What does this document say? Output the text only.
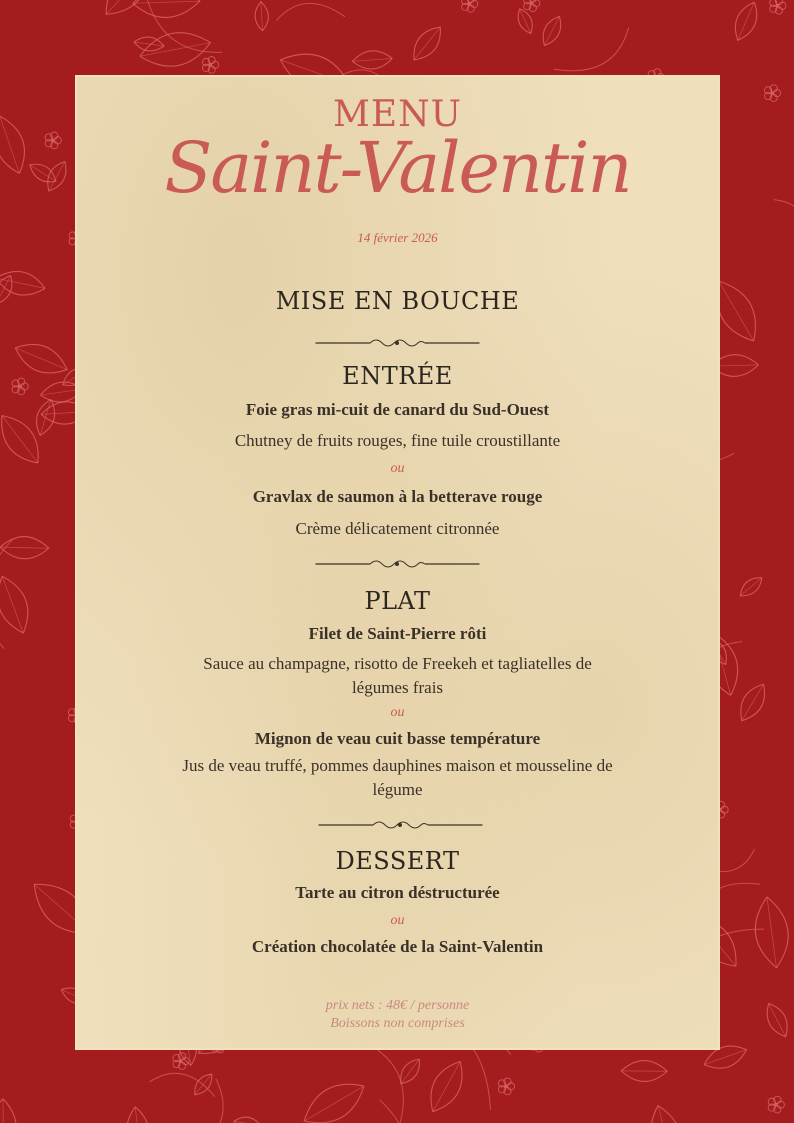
MENU
Saint-Valentin
14 février 2026
MISE EN BOUCHE
ENTRÉE
Foie gras mi-cuit de canard du Sud-Ouest
Chutney de fruits rouges, fine tuile croustillante
ou
Gravlax de saumon à la betterave rouge
Crème délicatement citronnée
PLAT
Filet de Saint-Pierre rôti
Sauce au champagne, risotto de Freekeh et tagliatelles de
légumes frais
ou
Mignon de veau cuit basse température
Jus de veau truffé, pommes dauphines maison et mousseline de
légume
DESSERT
Tarte au citron déstructurée
ou
Création chocolatée de la Saint-Valentin
prix nets : 48€ / personne
Boissons non comprises
